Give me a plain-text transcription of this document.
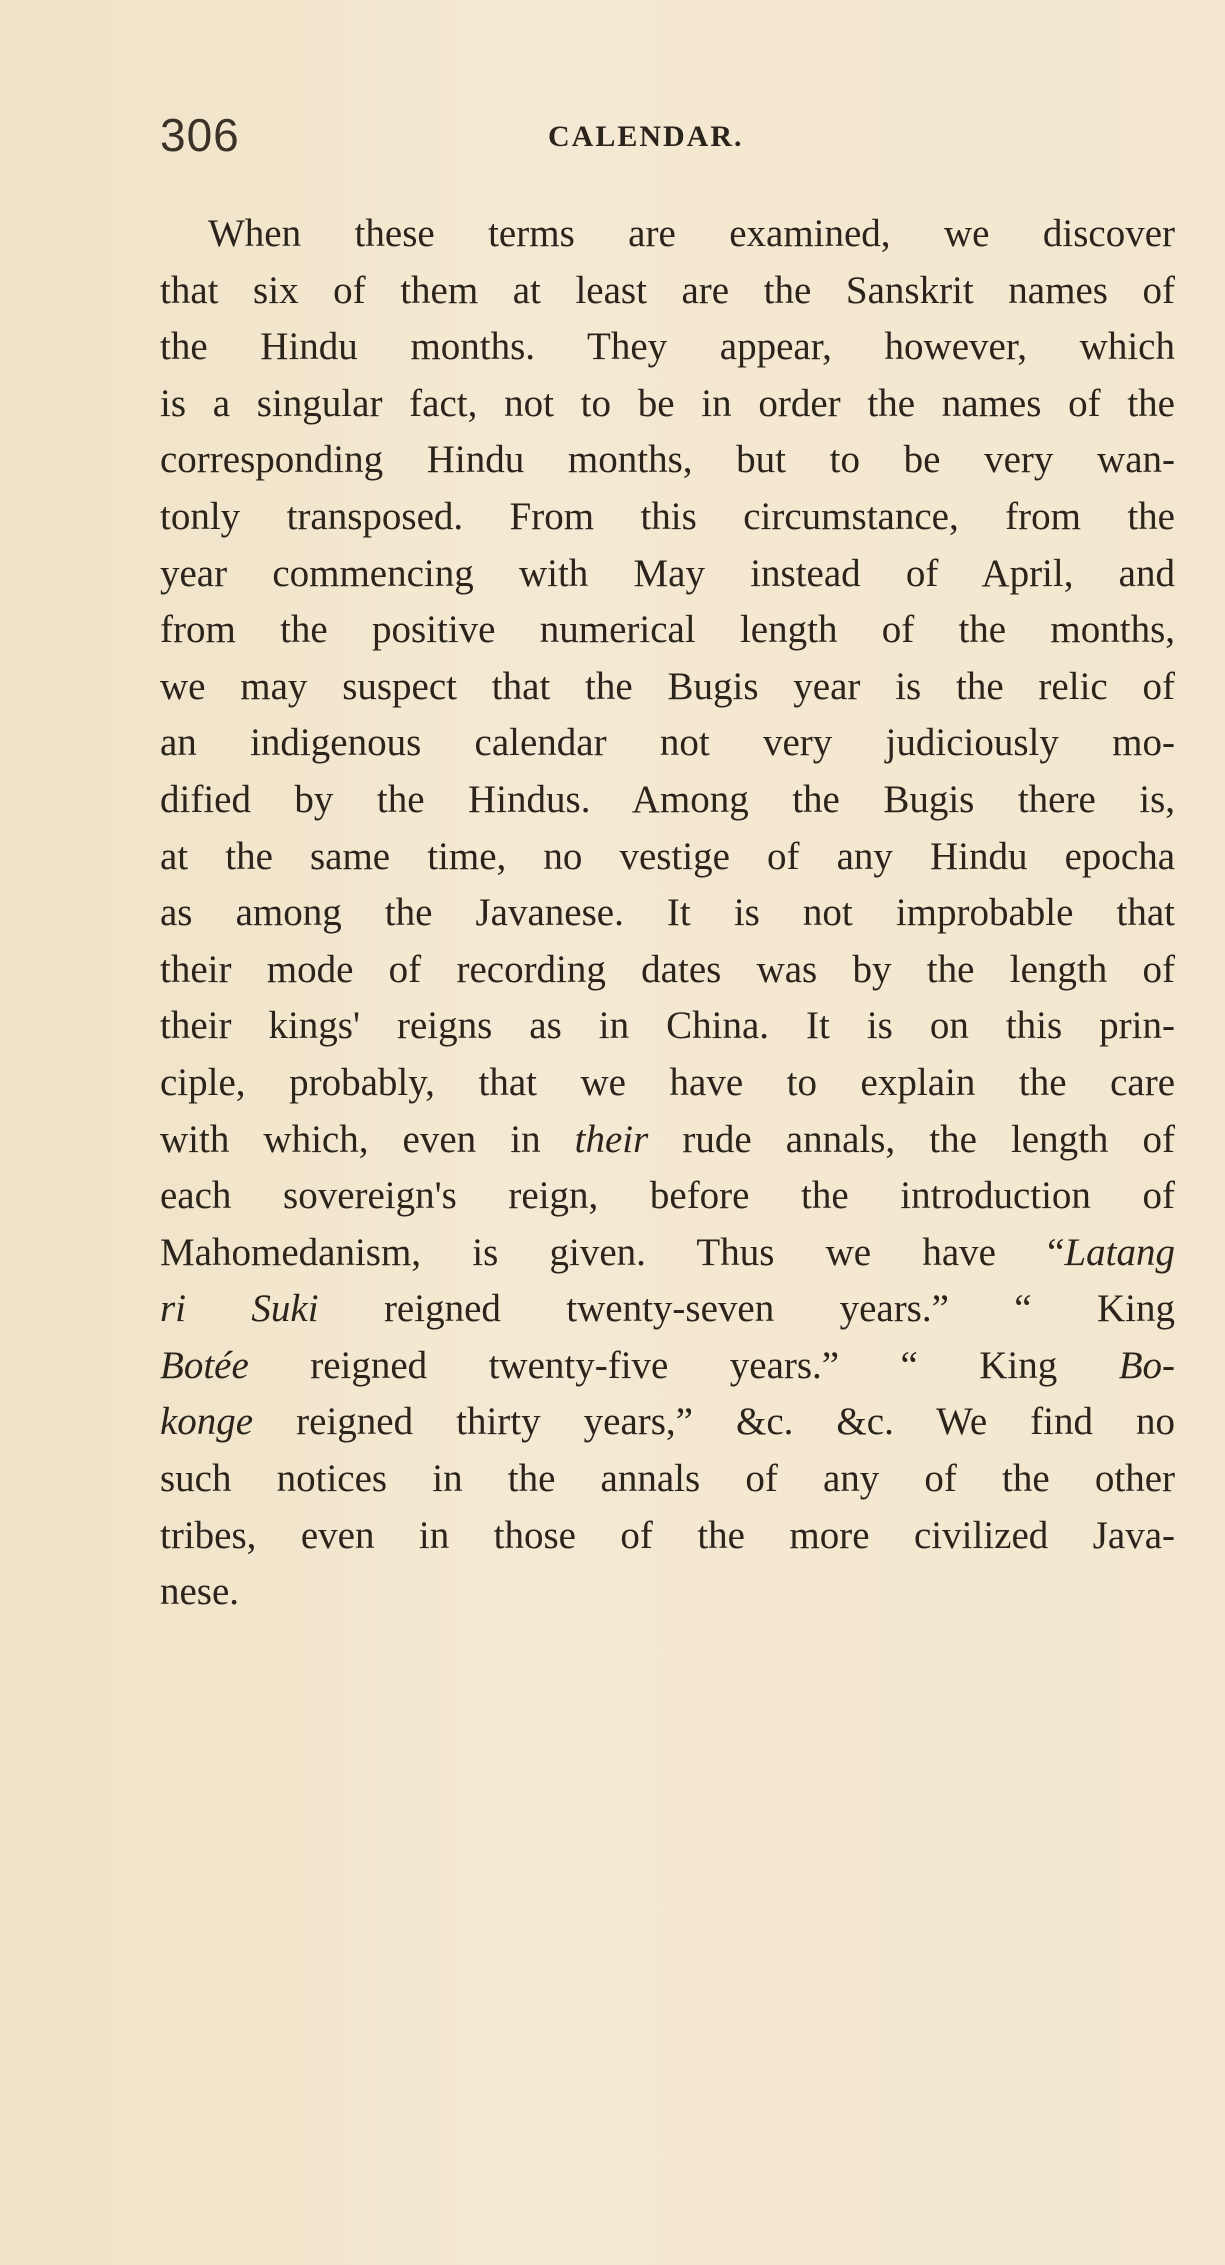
306	CALENDAR.
When these terms are examined, we discover
that six of them at least are the Sanskrit names of
the Hindu months. They appear, however, which
is a singular fact, not to be in order the names of the
corresponding Hindu months, but to be very wan-
tonly transposed. From this circumstance, from the
year commencing with May instead of April, and
from the positive numerical length of the months,
we may suspect that the Bugis year is the relic of
an indigenous calendar not very judiciously mo-
dified by the Hindus. Among the Bugis there is,
at the same time, no vestige of any Hindu epocha
as among the Javanese. It is not improbable that
their mode of recording dates was by the length of
their kings' reigns as in China. It is on this prin-
ciple, probably, that we have to explain the care
with which, even in their rude annals, the length of
each sovereign's reign, before the introduction of
Mahomedanism, is given. Thus we have “Latang
ri Suki reigned twenty-seven years.” “ King
Botée reigned twenty-five years.” “ King Bo-
konge reigned thirty years,” &c. &c. We find no
such notices in the annals of any of the other
tribes, even in those of the more civilized Java-
nese.
